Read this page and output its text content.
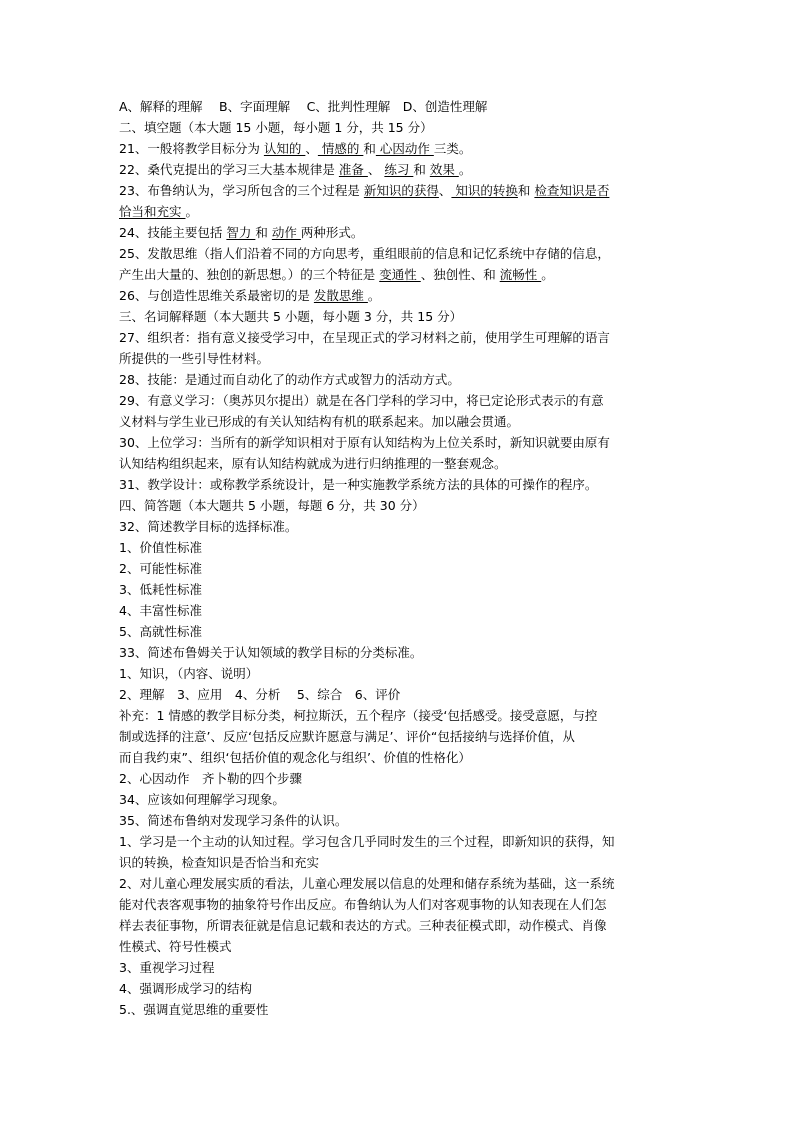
A、解释的理解　 B、字面理解　 C、批判性理解　D、创造性理解
二、填空题（本大题 15 小题，每小题 1 分，共 15 分）
21、一般将教学目标分为 认知的 、 情感的 和 心因动作 三类。
22、桑代克提出的学习三大基本规律是 准备 、 练习 和 效果 。
23、布鲁纳认为，学习所包含的三个过程是 新知识的获得、 知识的转换和 检查知识是否
恰当和充实 。
24、技能主要包括 智力 和 动作 两种形式。
25、发散思维（指人们沿着不同的方向思考，重组眼前的信息和记忆系统中存储的信息，
产生出大量的、独创的新思想。）的三个特征是 变通性 、独创性、和 流畅性 。
26、与创造性思维关系最密切的是 发散思维 。
三、名词解释题（本大题共 5 小题，每小题 3 分，共 15 分）
27、组织者：指有意义接受学习中，在呈现正式的学习材料之前，使用学生可理解的语言
所提供的一些引导性材料。
28、技能：是通过而自动化了的动作方式或智力的活动方式。
29、有意义学习：（奥苏贝尔提出）就是在各门学科的学习中，将已定论形式表示的有意
义材料与学生业已形成的有关认知结构有机的联系起来。加以融会贯通。
30、上位学习：当所有的新学知识相对于原有认知结构为上位关系时，新知识就要由原有
认知结构组织起来，原有认知结构就成为进行归纳推理的一整套观念。
31、教学设计：或称教学系统设计，是一种实施教学系统方法的具体的可操作的程序。
四、简答题（本大题共 5 小题，每题 6 分，共 30 分）
32、简述教学目标的选择标准。
1、价值性标准
2、可能性标准
3、低耗性标准
4、丰富性标准
5、高就性标准
33、简述布鲁姆关于认知领域的教学目标的分类标准。
1、知识，（内容、说明）
2、理解　3、应用　4、分析　 5、综合　6、评价
补充：1 情感的教学目标分类，柯拉斯沃，五个程序（接受‘包括感受。接受意愿，与控
制或选择的注意’、反应‘包括反应默许愿意与满足’、评价“包括接纳与选择价值，从
而自我约束”、组织‘包括价值的观念化与组织’、价值的性格化）
2、心因动作　齐卜勒的四个步骤
34、应该如何理解学习现象。
35、简述布鲁纳对发现学习条件的认识。
1、学习是一个主动的认知过程。学习包含几乎同时发生的三个过程，即新知识的获得，知
识的转换，检查知识是否恰当和充实
2、对儿童心理发展实质的看法，儿童心理发展以信息的处理和储存系统为基础，这一系统
能对代表客观事物的抽象符号作出反应。布鲁纳认为人们对客观事物的认知表现在人们怎
样去表征事物，所谓表征就是信息记载和表达的方式。三种表征模式即，动作模式、肖像
性模式、符号性模式
3、重视学习过程
4、强调形成学习的结构
5.、强调直觉思维的重要性
